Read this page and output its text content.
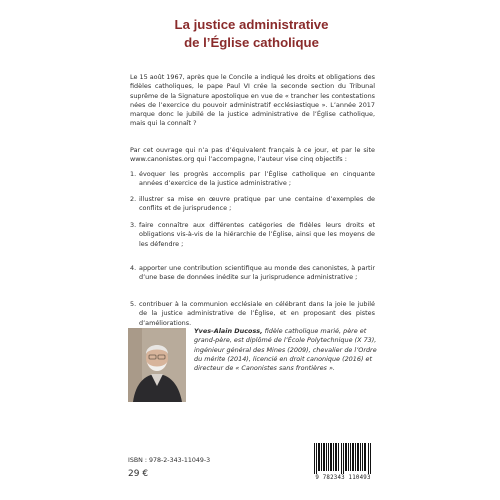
La justice administrative
de l’Église catholique
Le 15 août 1967, après que le Concile a indiqué les droits et obligations des fidèles catholiques, le pape Paul VI crée la seconde section du Tribunal suprême de la Signature apostolique en vue de « trancher les contestations nées de l’exercice du pouvoir administratif ecclésiastique ». L’année 2017 marque donc le jubilé de la justice administrative de l’Église catholique, mais qui la connaît ?
Par cet ouvrage qui n’a pas d’équivalent français à ce jour, et par le site www.canonistes.org qui l’accompagne, l’auteur vise cinq objectifs :
1. évoquer les progrès accomplis par l’Église catholique en cinquante années d’exercice de la justice administrative ;
2. illustrer sa mise en œuvre pratique par une centaine d’exemples de conflits et de jurisprudence ;
3. faire connaître aux différentes catégories de fidèles leurs droits et obligations vis-à-vis de la hiérarchie de l’Église, ainsi que les moyens de les défendre ;
4. apporter une contribution scientifique au monde des canonistes, à partir d’une base de données inédite sur la jurisprudence administrative ;
5. contribuer à la communion ecclésiale en célébrant dans la joie le jubilé de la justice administrative de l’Église, et en proposant des pistes d’améliorations.
Yves-Alain Ducoss, fidèle catholique marié, père et grand-père, est diplômé de l’École Polytechnique (X 73), ingénieur général des Mines (2009), chevalier de l’Ordre du mérite (2014), licencié en droit canonique (2016) et directeur de « Canonistes sans frontières ».
ISBN : 978-2-343-11049-3
29 €	9 782343 110493
